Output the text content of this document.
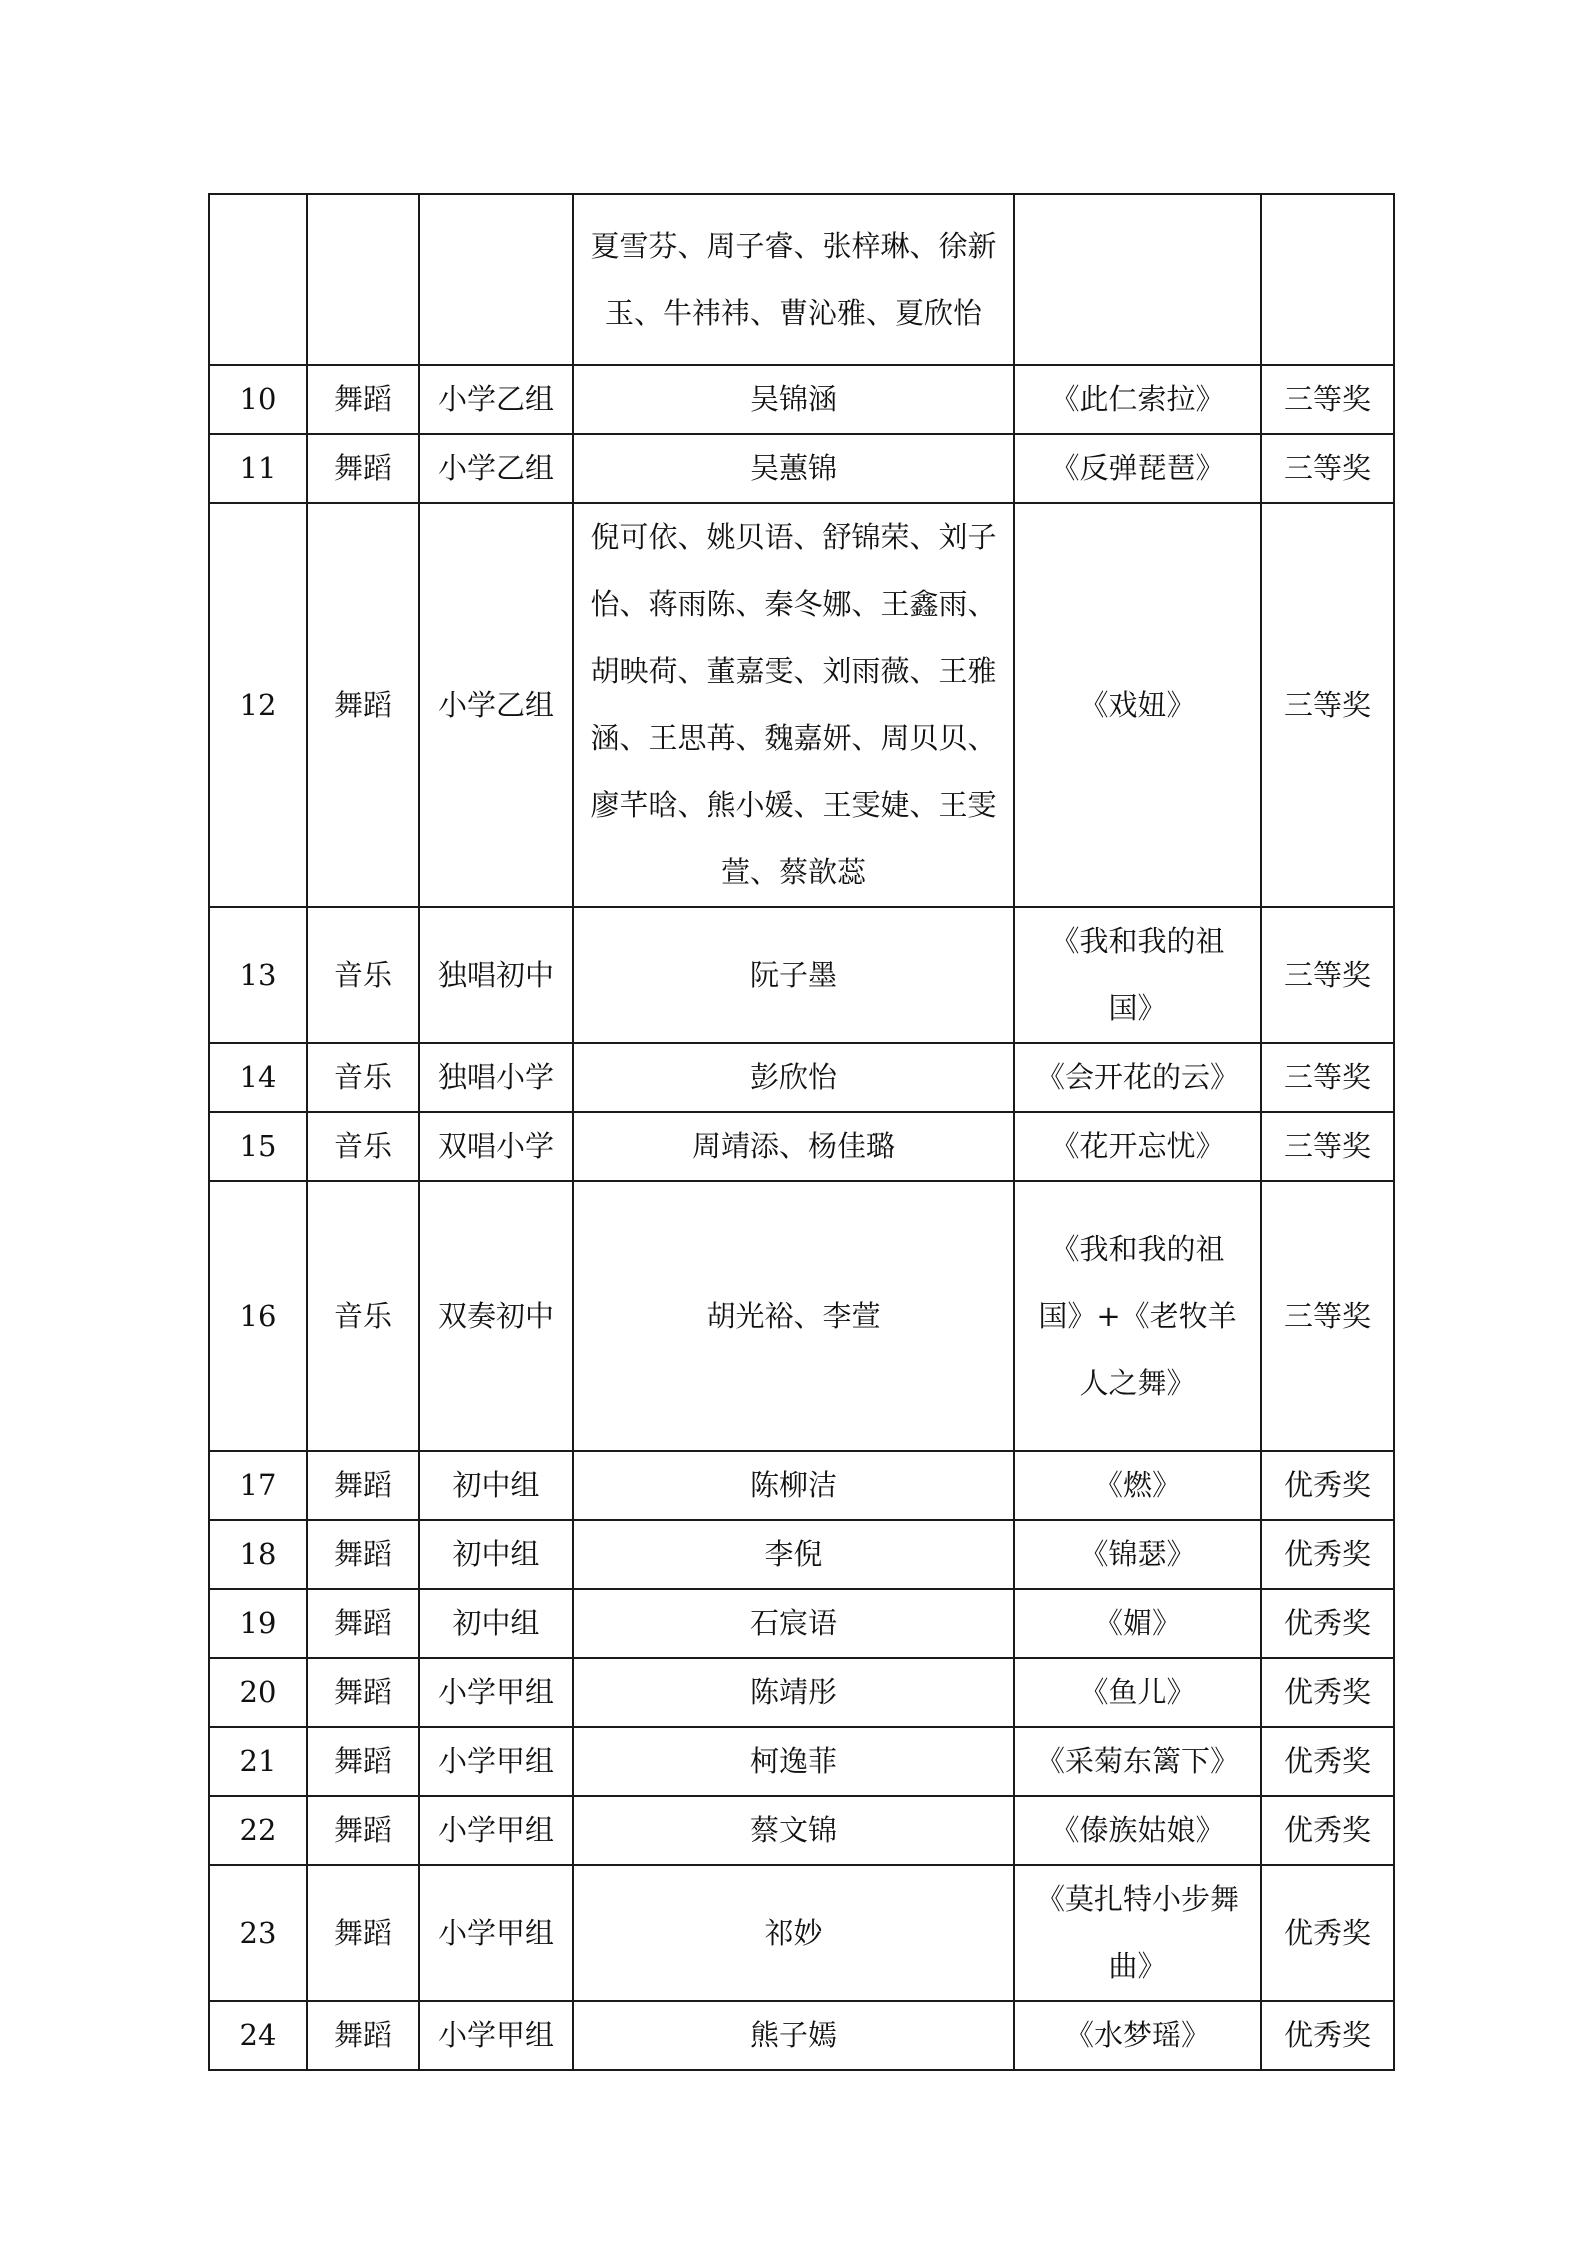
			夏雪芬、周子睿、张梓琳、徐新玉、牛祎祎、曹沁雅、夏欣怡		
10	舞蹈	小学乙组	吴锦涵	《此仁索拉》	三等奖
11	舞蹈	小学乙组	吴蕙锦	《反弹琵琶》	三等奖
12	舞蹈	小学乙组	倪可依、姚贝语、舒锦荣、刘子怡、蒋雨陈、秦冬娜、王鑫雨、胡映荷、董嘉雯、刘雨薇、王雅涵、王思苒、魏嘉妍、周贝贝、廖芊晗、熊小媛、王雯婕、王雯萱、蔡歆蕊	《戏妞》	三等奖
13	音乐	独唱初中	阮子墨	《我和我的祖国》	三等奖
14	音乐	独唱小学	彭欣怡	《会开花的云》	三等奖
15	音乐	双唱小学	周靖添、杨佳璐	《花开忘忧》	三等奖
16	音乐	双奏初中	胡光裕、李萱	《我和我的祖国》+《老牧羊人之舞》	三等奖
17	舞蹈	初中组	陈柳洁	《燃》	优秀奖
18	舞蹈	初中组	李倪	《锦瑟》	优秀奖
19	舞蹈	初中组	石宸语	《媚》	优秀奖
20	舞蹈	小学甲组	陈靖彤	《鱼儿》	优秀奖
21	舞蹈	小学甲组	柯逸菲	《采菊东篱下》	优秀奖
22	舞蹈	小学甲组	蔡文锦	《傣族姑娘》	优秀奖
23	舞蹈	小学甲组	祁妙	《莫扎特小步舞曲》	优秀奖
24	舞蹈	小学甲组	熊子嫣	《水梦瑶》	优秀奖
